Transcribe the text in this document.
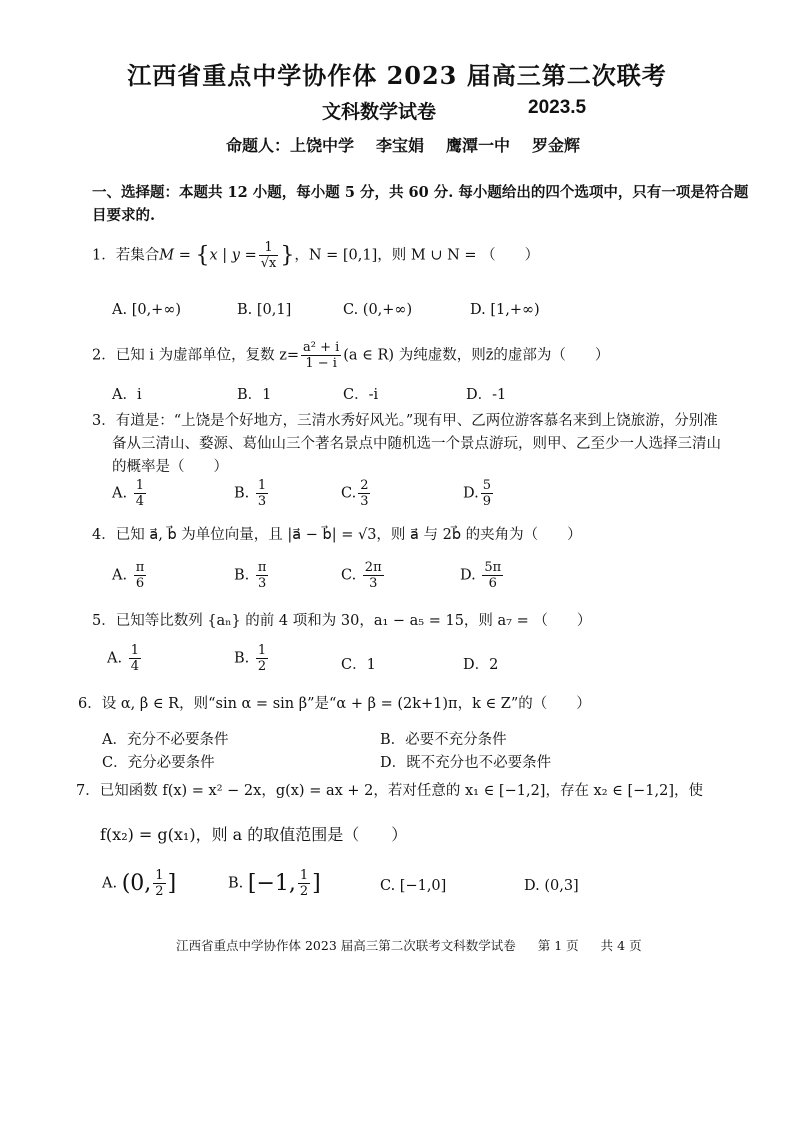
江西省重点中学协作体 2023 届高三第二次联考
文科数学试卷	2023.5
命题人：上饶中学 李宝娟 鹰潭一中 罗金辉
一、选择题：本题共 12 小题，每小题 5 分，共 60 分. 每小题给出的四个选项中，只有一项是符合题
目要求的.
1．若集合M = {x | $y = \frac{1}{√x}$ }，N = [0,1]，则 M ∪ N = （　　）
A. [0,+∞)	B. [0,1]	C. (0,+∞)	D. [1,+∞)
2．已知 i 为虚部单位，复数 $z= \frac{\text{a² + i}}{1 - i} (a$ ∈ R) 为纯虚数，则z̄的虚部为（　　）
A．i	B．1	C．-i	D．-1
3．有道是：“上饶是个好地方，三清水秀好风光。”现有甲、乙两位游客慕名来到上饶旅游，分别准
备从三清山、婺源、葛仙山三个著名景点中随机选一个景点游玩，则甲、乙至少一人选择三清山
的概率是（　　）
A. $\frac{1}{4}$	B. $\frac{1}{3}$	C. $\frac{2}{3}$	D. $\frac{5}{9}$
4．已知 a⃗, b⃗ 为单位向量，且 |a⃗ − b⃗| = √3，则 a⃗ 与 2b⃗ 的夹角为（　　）
A. $\frac{\pi}{6}$	B. $\frac{\pi}{3}$	C. $\frac{2\pi}{3}$	D. $\frac{5\pi}{6}$
5．已知等比数列 {aₙ} 的前 4 项和为 30，a₁ − a₅ = 15，则 a₇ = （　　）
A. $\frac{1}{4}$	B. $\frac{1}{2}$	C．1	D．2
6．设 α, β ∈ R，则“sin α = sin β”是“α + β = (2k+1)π，k ∈ Z”的（　　）
A．充分不必要条件	B．必要不充分条件
C．充分必要条件	D．既不充分也不必要条件
7．已知函数 f(x) = x² − 2x，g(x) = ax + 2，若对任意的 x₁ ∈ [−1,2]，存在 x₂ ∈ [−1,2]，使
f(x₂) = g(x₁)，则 a 的取值范围是（　　）
A. (0, $\frac{1}{2}$ ]	B. [−1, $\frac{1}{2}$ ]	C. [−1,0]	D. (0,3]
江西省重点中学协作体 2023 届高三第二次联考文科数学试卷 第 1 页 共 4 页
